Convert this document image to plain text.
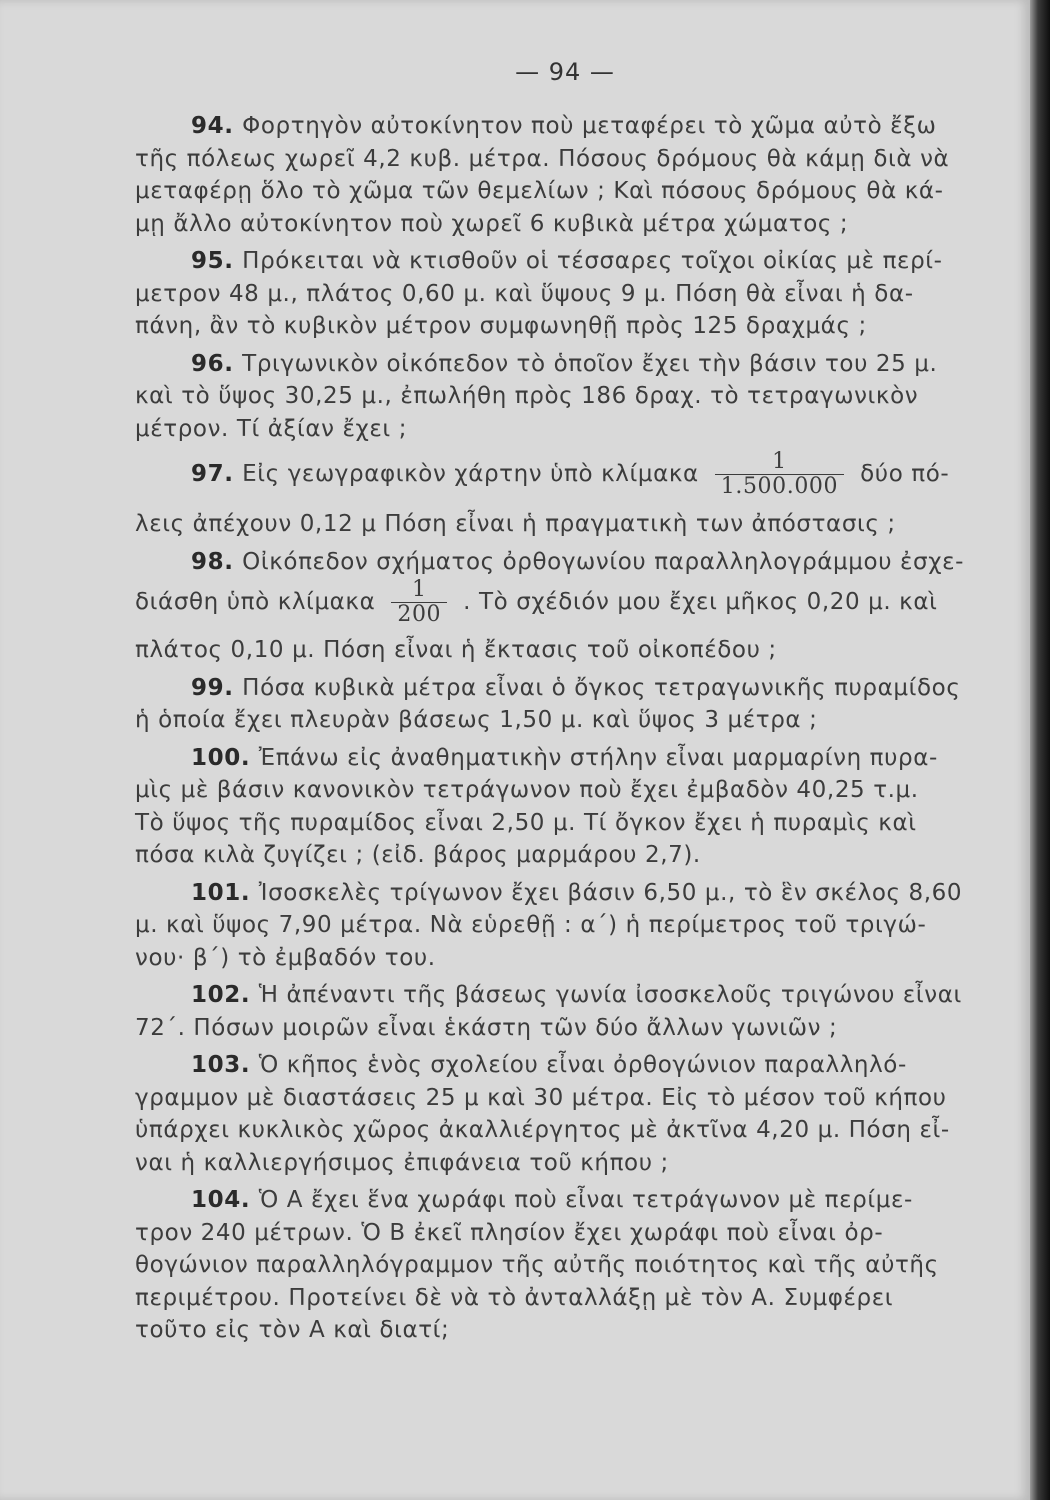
— 94 —
94. Φορτηγὸν αὐτοκίνητον ποὺ μεταφέρει τὸ χῶμα αὐτὸ ἔξω
τῆς πόλεως χωρεῖ 4,2 κυβ. μέτρα. Πόσους δρόμους θὰ κάμῃ διὰ νὰ
μεταφέρῃ ὅλο τὸ χῶμα τῶν θεμελίων ; Καὶ πόσους δρόμους θὰ κά-
μῃ ἄλλο αὐτοκίνητον ποὺ χωρεῖ 6 κυβικὰ μέτρα χώματος ;
95. Πρόκειται νὰ κτισθοῦν οἱ τέσσαρες τοῖχοι οἰκίας μὲ περί-
μετρον 48 μ., πλάτος 0,60 μ. καὶ ὕψους 9 μ. Πόση θὰ εἶναι ἡ δα-
πάνη, ἂν τὸ κυβικὸν μέτρον συμφωνηθῇ πρὸς 125 δραχμάς ;
96. Τριγωνικὸν οἰκόπεδον τὸ ὁποῖον ἔχει τὴν βάσιν του 25 μ.
καὶ τὸ ὕψος 30,25 μ., ἐπωλήθη πρὸς 186 δραχ. τὸ τετραγωνικὸν
μέτρον. Τί ἀξίαν ἔχει ;
97. Εἰς γεωγραφικὸν χάρτην ὑπὸ κλίμακα $\frac{1}{1.500.000}$ δύο πό-
λεις ἀπέχουν 0,12 μ Πόση εἶναι ἡ πραγματικὴ των ἀπόστασις ;
98. Οἰκόπεδον σχήματος ὀρθογωνίου παραλληλογράμμου ἐσχε-
διάσθη ὑπὸ κλίμακα $\frac{1}{200}$ . Τὸ σχέδιόν μου ἔχει μῆκος 0,20 μ. καὶ
πλάτος 0,10 μ. Πόση εἶναι ἡ ἔκτασις τοῦ οἰκοπέδου ;
99. Πόσα κυβικὰ μέτρα εἶναι ὁ ὄγκος τετραγωνικῆς πυραμίδος
ἡ ὁποία ἔχει πλευρὰν βάσεως 1,50 μ. καὶ ὕψος 3 μέτρα ;
100. Ἐπάνω εἰς ἀναθηματικὴν στήλην εἶναι μαρμαρίνη πυρα-
μὶς μὲ βάσιν κανονικὸν τετράγωνον ποὺ ἔχει ἐμβαδὸν 40,25 τ.μ.
Τὸ ὕψος τῆς πυραμίδος εἶναι 2,50 μ. Τί ὄγκον ἔχει ἡ πυραμὶς καὶ
πόσα κιλὰ ζυγίζει ; (εἰδ. βάρος μαρμάρου 2,7).
101. Ἰσοσκελὲς τρίγωνον ἔχει βάσιν 6,50 μ., τὸ ἓν σκέλος 8,60
μ. καὶ ὕψος 7,90 μέτρα. Νὰ εὑρεθῇ : α΄) ἡ περίμετρος τοῦ τριγώ-
νου· β΄) τὸ ἐμβαδόν του.
102. Ἡ ἀπέναντι τῆς βάσεως γωνία ἰσοσκελοῦς τριγώνου εἶναι
72΄. Πόσων μοιρῶν εἶναι ἑκάστη τῶν δύο ἄλλων γωνιῶν ;
103. Ὁ κῆπος ἑνὸς σχολείου εἶναι ὀρθογώνιον παραλληλό-
γραμμον μὲ διαστάσεις 25 μ καὶ 30 μέτρα. Εἰς τὸ μέσον τοῦ κήπου
ὑπάρχει κυκλικὸς χῶρος ἀκαλλιέργητος μὲ ἀκτῖνα 4,20 μ. Πόση εἶ-
ναι ἡ καλλιεργήσιμος ἐπιφάνεια τοῦ κήπου ;
104. Ὁ Α ἔχει ἕνα χωράφι ποὺ εἶναι τετράγωνον μὲ περίμε-
τρον 240 μέτρων. Ὁ Β ἐκεῖ πλησίον ἔχει χωράφι ποὺ εἶναι ὀρ-
θογώνιον παραλληλόγραμμον τῆς αὐτῆς ποιότητος καὶ τῆς αὐτῆς
περιμέτρου. Προτείνει δὲ νὰ τὸ ἀνταλλάξῃ μὲ τὸν Α. Συμφέρει
τοῦτο εἰς τὸν Α καὶ διατί;
